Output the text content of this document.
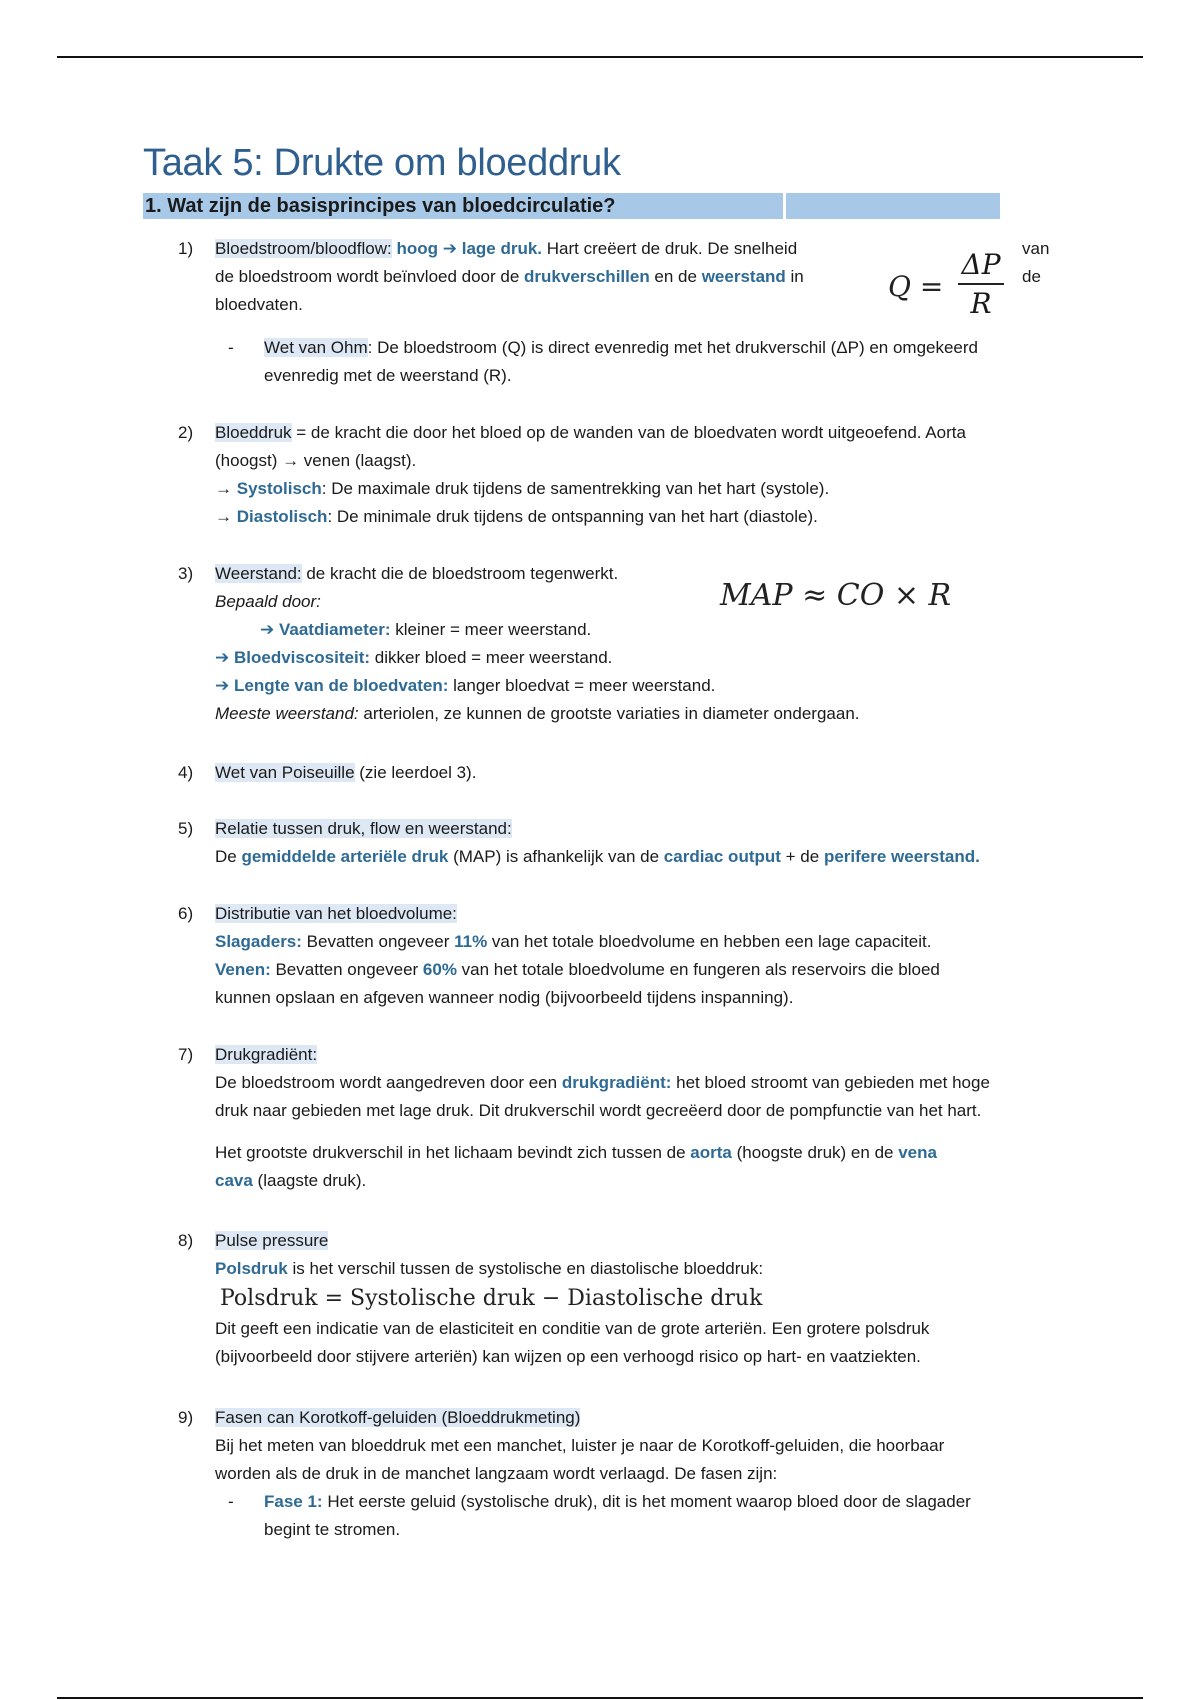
Taak 5: Drukte om bloeddruk
1. Wat zijn de basisprincipes van bloedcirculatie?
1) Bloedstroom/bloodflow: hoog ➔ lage druk. Hart creëert de druk. De snelheid
de bloedstroom wordt beïnvloed door de drukverschillen en de weerstand in
bloedvaten.
Q =
ΔP
R
van
de
- Wet van Ohm: De bloedstroom (Q) is direct evenredig met het drukverschil (ΔP) en omgekeerd
evenredig met de weerstand (R).
2) Bloeddruk = de kracht die door het bloed op de wanden van de bloedvaten wordt uitgeoefend. Aorta
(hoogst) → venen (laagst).
→ Systolisch: De maximale druk tijdens de samentrekking van het hart (systole).
→ Diastolisch: De minimale druk tijdens de ontspanning van het hart (diastole).
3) Weerstand: de kracht die de bloedstroom tegenwerkt.
Bepaald door:
➔ Vaatdiameter: kleiner = meer weerstand.
➔ Bloedviscositeit: dikker bloed = meer weerstand.
➔ Lengte van de bloedvaten: langer bloedvat = meer weerstand.
Meeste weerstand: arteriolen, ze kunnen de grootste variaties in diameter ondergaan.
MAP ≈ CO × R
4) Wet van Poiseuille (zie leerdoel 3).
5) Relatie tussen druk, flow en weerstand:
De gemiddelde arteriële druk (MAP) is afhankelijk van de cardiac output + de perifere weerstand.
6) Distributie van het bloedvolume:
Slagaders: Bevatten ongeveer 11% van het totale bloedvolume en hebben een lage capaciteit.
Venen: Bevatten ongeveer 60% van het totale bloedvolume en fungeren als reservoirs die bloed
kunnen opslaan en afgeven wanneer nodig (bijvoorbeeld tijdens inspanning).
7) Drukgradiënt:
De bloedstroom wordt aangedreven door een drukgradiënt: het bloed stroomt van gebieden met hoge
druk naar gebieden met lage druk. Dit drukverschil wordt gecreëerd door de pompfunctie van het hart.

Het grootste drukverschil in het lichaam bevindt zich tussen de aorta (hoogste druk) en de vena
cava (laagste druk).
8) Pulse pressure
Polsdruk is het verschil tussen de systolische en diastolische bloeddruk:
Polsdruk = Systolische druk − Diastolische druk
Dit geeft een indicatie van de elasticiteit en conditie van de grote arteriën. Een grotere polsdruk
(bijvoorbeeld door stijvere arteriën) kan wijzen op een verhoogd risico op hart- en vaatziekten.
9) Fasen can Korotkoff-geluiden (Bloeddrukmeting)
Bij het meten van bloeddruk met een manchet, luister je naar de Korotkoff-geluiden, die hoorbaar
worden als de druk in de manchet langzaam wordt verlaagd. De fasen zijn:
- Fase 1: Het eerste geluid (systolische druk), dit is het moment waarop bloed door de slagader
begint te stromen.
